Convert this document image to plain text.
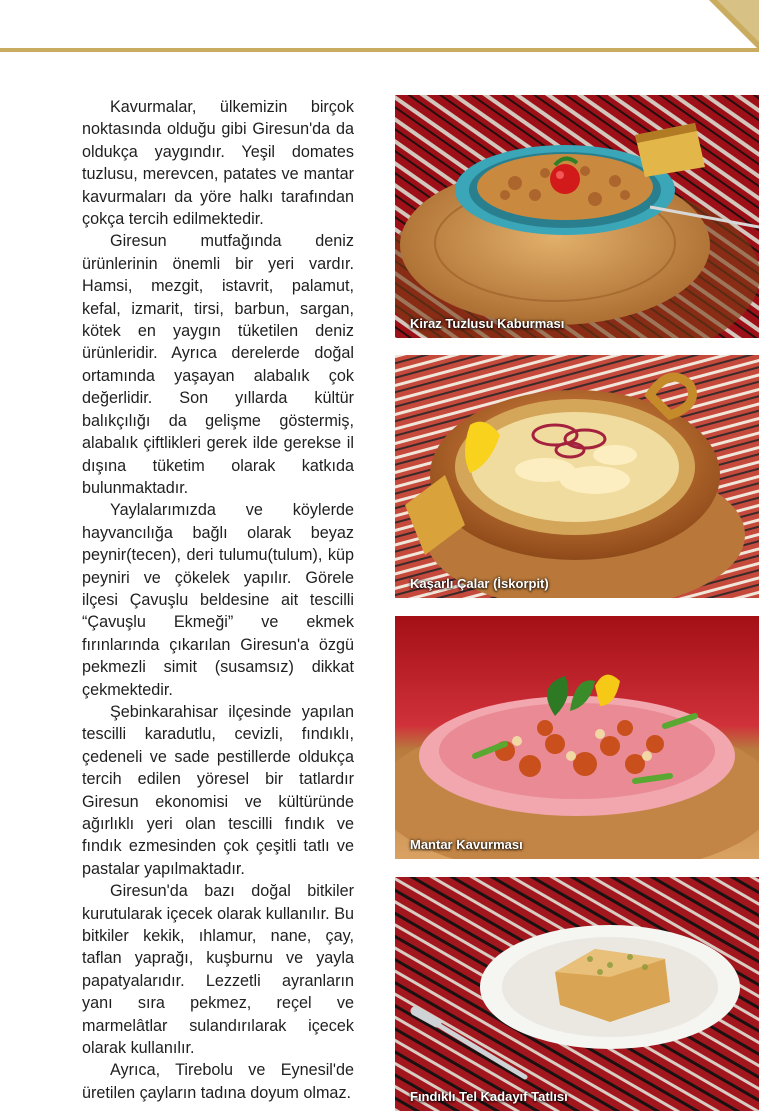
Kavurmalar, ülkemizin birçok noktasında olduğu gibi Giresun'da da oldukça yaygındır. Yeşil domates tuzlusu, merevcen, patates ve mantar kavurmaları da yöre halkı tarafından çokça tercih edilmektedir.

Giresun mutfağında deniz ürünlerinin önemli bir yeri vardır. Hamsi, mezgit, istavrit, palamut, kefal, izmarit, tirsi, barbun, sargan, kötek en yaygın tüketilen deniz ürünleridir. Ayrıca derelerde doğal ortamında yaşayan alabalık çok değerlidir. Son yıllarda kültür balıkçılığı da gelişme göstermiş, alabalık çiftlikleri gerek ilde gerekse il dışına tüketim olarak katkıda bulunmaktadır.

Yaylalarımızda ve köylerde hayvancılığa bağlı olarak beyaz peynir(tecen), deri tulumu(tulum), küp peyniri ve çökelek yapılır. Görele ilçesi Çavuşlu beldesine ait tescilli “Çavuşlu Ekmeği” ve ekmek fırınlarında çıkarılan Giresun'a özgü pekmezli simit (susamsız) dikkat çekmektedir.

Şebinkarahisar ilçesinde yapılan tescilli karadutlu, cevizli, fındıklı, çedeneli ve sade pestillerde oldukça tercih edilen yöresel bir tatlardır Giresun ekonomisi ve kültüründe ağırlıklı yeri olan tescilli fındık ve fındık ezmesinden çok çeşitli tatlı ve pastalar yapılmaktadır.

Giresun'da bazı doğal bitkiler kurutularak içecek olarak kullanılır. Bu bitkiler kekik, ıhlamur, nane, çay, taflan yaprağı, kuşburnu ve yayla papatyalarıdır. Lezzetli ayranların yanı sıra pekmez, reçel ve marmelâtlar sulandırılarak içecek olarak kullanılır.

Ayrıca, Tirebolu ve Eynesil'de üretilen çayların tadına doyum olmaz.

Kiraz Tuzlusu Kaburması
Kaşarlı Çalar (İskorpit)
Mantar Kavurması
Fındıklı Tel Kadayıf Tatlısı
